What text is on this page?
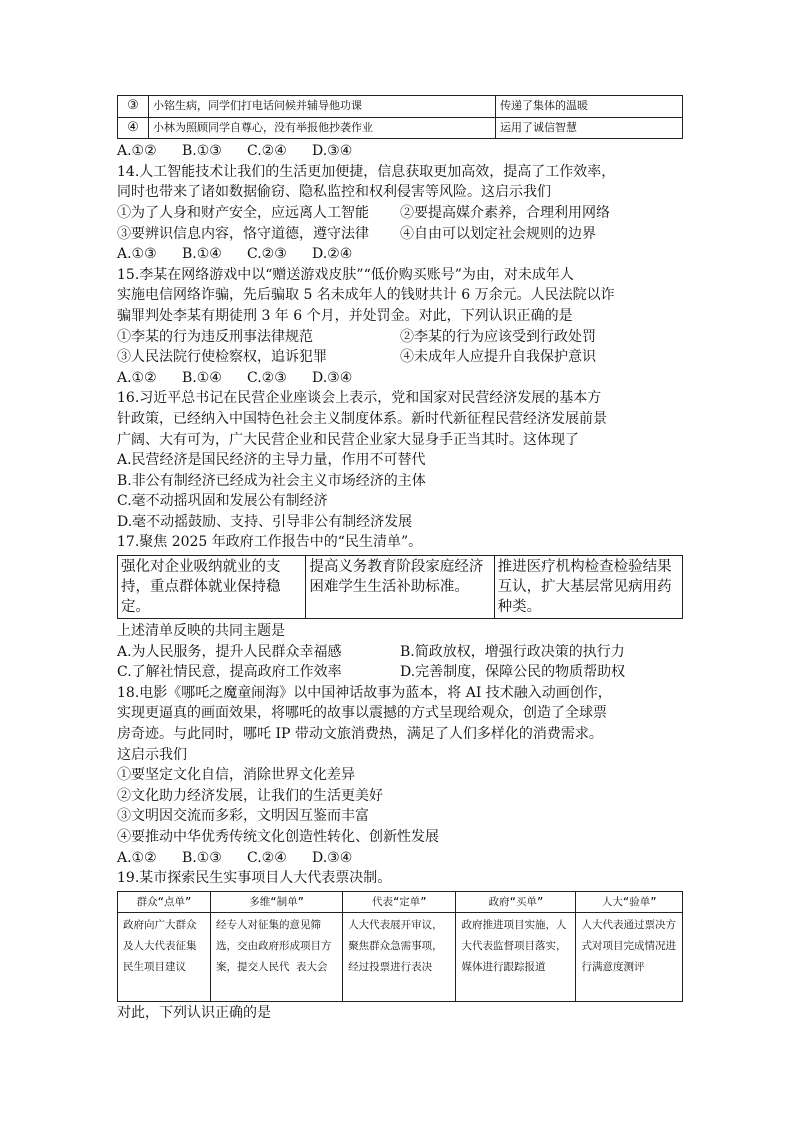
③	小铭生病，同学们打电话问候并辅导他功课	传递了集体的温暖
④	小林为照顾同学自尊心，没有举报他抄袭作业	运用了诚信智慧
A.①② B.①③ C.②④ D.③④
14.人工智能技术让我们的生活更加便捷，信息获取更加高效，提高了工作效率，
同时也带来了诸如数据偷窃、隐私监控和权利侵害等风险。这启示我们
①为了人身和财产安全，应远离人工智能 ②要提高媒介素养，合理利用网络
③要辨识信息内容，恪守道德，遵守法律 ④自由可以划定社会规则的边界
A.①③ B.①④ C.②③ D.②④
15.李某在网络游戏中以“赠送游戏皮肤”“低价购买账号”为由，对未成年人
实施电信网络诈骗，先后骗取 5 名未成年人的钱财共计 6 万余元。人民法院以诈
骗罪判处李某有期徒刑 3 年 6 个月，并处罚金。对此，下列认识正确的是
①李某的行为违反刑事法律规范	②李某的行为应该受到行政处罚
③人民法院行使检察权，追诉犯罪	④未成年人应提升自我保护意识
A.①② B.①④ C.②③ D.③④
16.习近平总书记在民营企业座谈会上表示，党和国家对民营经济发展的基本方
针政策，已经纳入中国特色社会主义制度体系。新时代新征程民营经济发展前景
广阔、大有可为，广大民营企业和民营企业家大显身手正当其时。这体现了
A.民营经济是国民经济的主导力量，作用不可替代
B.非公有制经济已经成为社会主义市场经济的主体
C.毫不动摇巩固和发展公有制经济
D.毫不动摇鼓励、支持、引导非公有制经济发展
17.聚焦 2025 年政府工作报告中的“民生清单”。
强化对企业吸纳就业的支持，重点群体就业保持稳定。	提高义务教育阶段家庭经济困难学生生活补助标准。	推进医疗机构检查检验结果互认，扩大基层常见病用药种类。
上述清单反映的共同主题是
A.为人民服务，提升人民群众幸福感	B.简政放权，增强行政决策的执行力
C.了解社情民意，提高政府工作效率	D.完善制度，保障公民的物质帮助权
18.电影《哪吒之魔童闹海》以中国神话故事为蓝本，将 AI 技术融入动画创作，
实现更逼真的画面效果，将哪吒的故事以震撼的方式呈现给观众，创造了全球票
房奇迹。与此同时，哪吒 IP 带动文旅消费热，满足了人们多样化的消费需求。
这启示我们
①要坚定文化自信，消除世界文化差异
②文化助力经济发展，让我们的生活更美好
③文明因交流而多彩，文明因互鉴而丰富
④要推动中华优秀传统文化创造性转化、创新性发展
A.①② B.①③ C.②④ D.③④
19.某市探索民生实事项目人大代表票决制。
群众“点单”	多维“制单”	代表“定单”	政府“买单”	人大“验单”
政府向广大群众及人大代表征集民生项目建议	经专人对征集的意见筛选，交由政府形成项目方案，提交人民代 表大会	人大代表展开审议，聚焦群众急需事项，经过投票进行表决	政府推进项目实施，人大代表监督项目落实，媒体进行跟踪报道	人大代表通过票决方式对项目完成情况进行满意度测评
对此，下列认识正确的是
